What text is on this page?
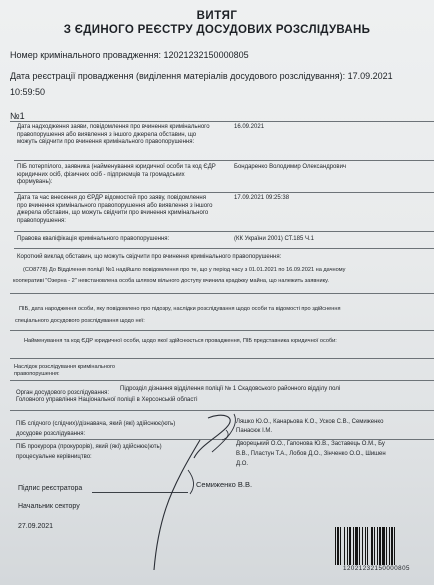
ВИТЯГ
З ЄДИНОГО РЕЄСТРУ ДОСУДОВИХ РОЗСЛІДУВАНЬ
Номер кримінального провадження: 12021232150000805
Дата реєстрації провадження (виділення матеріалів досудового розслідування): 17.09.2021
10:59:50
№1
Дата надходження заяви, повідомлення про вчинення кримінального правопорушення або виявлення з іншого джерела обставин, що можуть свідчити про вчинення кримінального правопорушення:
16.09.2021
ПІБ потерпілого, заявника (найменування юридичної особи та код ЄДР юридичних осіб, фізичних осіб - підприємців та громадських формувань):
Бондаренко Володимир Олександрович
Дата та час внесення до ЄРДР відомостей про заяву, повідомлення про вчинення кримінального правопорушення або виявлення з іншого джерела обставин, що можуть свідчити про вчинення кримінального правопорушення:
17.09.2021 09:25:38
Правова кваліфікація кримінального правопорушення:	(КК України 2001) СТ.185 Ч.1
Короткий виклад обставин, що можуть свідчити про вчинення кримінального правопорушення:
(СО8778) До Відділення поліції №1 надійшло повідомлення про те, що у період часу з 01.01.2021 по 16.09.2021 на дачному
кооперативі "Озерна - 2" невстановлена особа шляхом вільного доступу вчинила крадіжку майна, що належить заявнику.
ПІБ, дата народження особи, яку повідомлено про підозру, наслідки розслідування щодо особи та відомості про здійснення
спеціального досудового розслідування щодо неї:
Найменування та код ЄДР юридичної особи, щодо якої здійснюється провадження, ПІБ представника юридичної особи:
Наслідок розслідування кримінального
правопорушення:
Орган досудового розслідування:
Підрозділ дізнання відділення поліції № 1 Скадовського районного відділу полі
Головного управління Національної поліції в Херсонській області
ПІБ слідчого (слідчих)/дізнавача, який (які) здійснює(ють)
досудове розслідування:
Ляшко Ю.О., Канарьова К.О., Усков С.В., Семиженко
Панасюк І.М.
ПІБ прокурора (прокурорів), який (які) здійснює(ють)
процесуальне керівництво:
Дворецький О.О., Гапонова Ю.В., Заставець О.М., Бу
В.В., Пластун Т.А., Лобов Д.О., Зінченко О.О., Шишен
Д.О.
Підпис реєстратора	Семиженко В.В.
Начальник сектору
27.09.2021
12021232150000805
